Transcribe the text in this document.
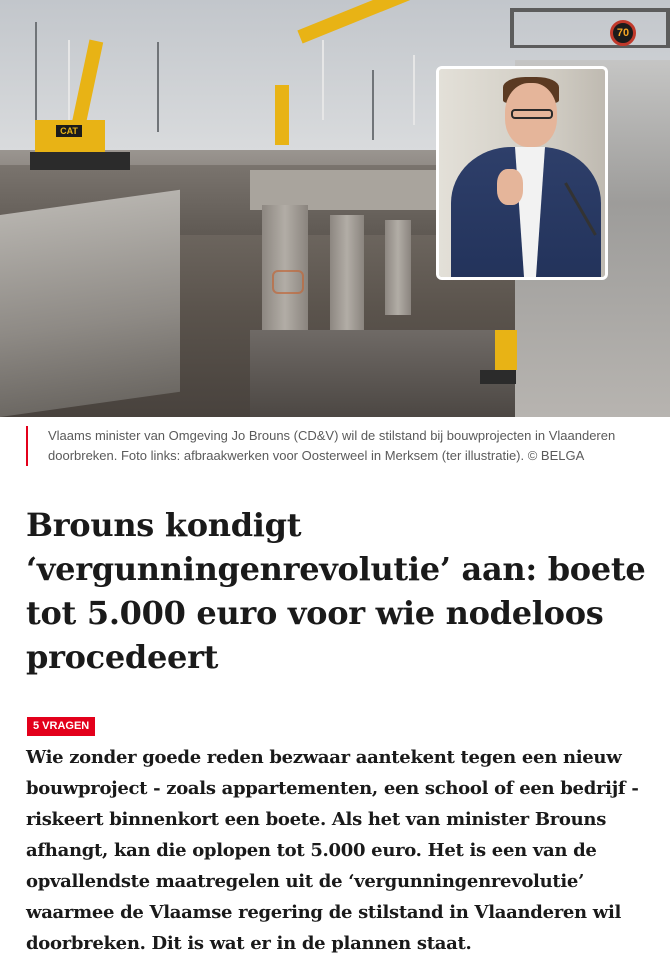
70
CAT
Vlaams minister van Omgeving Jo Brouns (CD&V) wil de stilstand bij bouwprojecten in Vlaanderen doorbreken. Foto links: afbraakwerken voor Oosterweel in Merksem (ter illustratie). © BELGA
Brouns kondigt ‘vergunningenrevolutie’ aan: boete tot 5.000 euro voor wie nodeloos procedeert
5 VRAGEN

Wie zonder goede reden bezwaar aantekent tegen een nieuw bouwproject - zoals appartementen, een school of een bedrijf - riskeert binnenkort een boete. Als het van minister Brouns afhangt, kan die oplopen tot 5.000 euro. Het is een van de opvallendste maatregelen uit de ‘vergunningenrevolutie’ waarmee de Vlaamse regering de stilstand in Vlaanderen wil doorbreken. Dit is wat er in de plannen staat.
